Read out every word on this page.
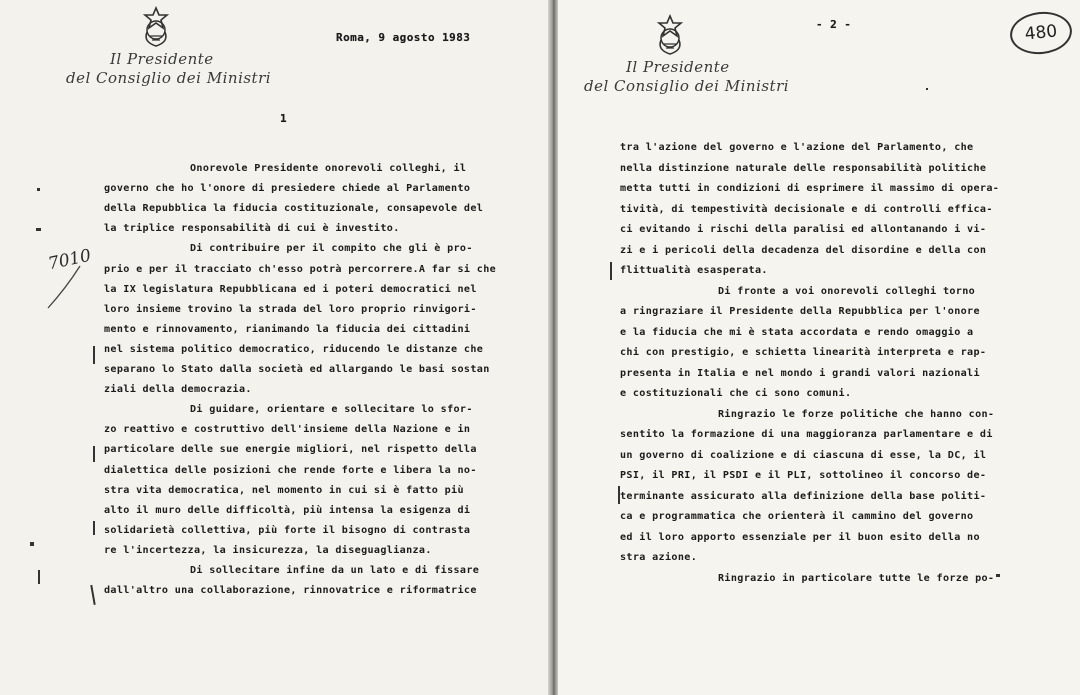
Il Presidente
del Consiglio dei Ministri
Roma, 9 agosto 1983
1
7010
Onorevole Presidente onorevoli colleghi, il
governo che ho l'onore di presiedere chiede al Parlamento
della Repubblica la fiducia costituzionale, consapevole del
la triplice responsabilità di cui è investito.
Di contribuire per il compito che gli è pro-
prio e per il tracciato ch'esso potrà percorrere.A far si che
la IX legislatura Repubblicana ed i poteri democratici nel
loro insieme trovino la strada del loro proprio rinvigori-
mento e rinnovamento, rianimando la fiducia dei cittadini
nel sistema politico democratico, riducendo le distanze che
separano lo Stato dalla società ed allargando le basi sostan
ziali della democrazia.
Di guidare, orientare e sollecitare lo sfor-
zo reattivo e costruttivo dell'insieme della Nazione e in
particolare delle sue energie migliori, nel rispetto della
dialettica delle posizioni che rende forte e libera la no-
stra vita democratica, nel momento in cui si è fatto più
alto il muro delle difficoltà, più intensa la esigenza di
solidarietà collettiva, più forte il bisogno di contrasta
re l'incertezza, la insicurezza, la diseguaglianza.
Di sollecitare infine da un lato e di fissare
dall'altro una collaborazione, rinnovatrice e riformatrice
Il Presidente
del Consiglio dei Ministri
- 2 -
tra l'azione del governo e l'azione del Parlamento, che
nella distinzione naturale delle responsabilità politiche
metta tutti in condizioni di esprimere il massimo di opera-
tività, di tempestività decisionale e di controlli effica-
ci evitando i rischi della paralisi ed allontanando i vi-
zi e i pericoli della decadenza del disordine e della con
flittualità esasperata.
Di fronte a voi onorevoli colleghi torno
a ringraziare il Presidente della Repubblica per l'onore
e la fiducia che mi è stata accordata e rendo omaggio a
chi con prestigio, e schietta linearità interpreta e rap-
presenta in Italia e nel mondo i grandi valori nazionali
e costituzionali che ci sono comuni.
Ringrazio le forze politiche che hanno con-
sentito la formazione di una maggioranza parlamentare e di
un governo di coalizione e di ciascuna di esse, la DC, il
PSI, il PRI, il PSDI e il PLI, sottolineo il concorso de-
terminante assicurato alla definizione della base politi-
ca e programmatica che orienterà il cammino del governo
ed il loro apporto essenziale per il buon esito della no
stra azione.
Ringrazio in particolare tutte le forze po-
480
